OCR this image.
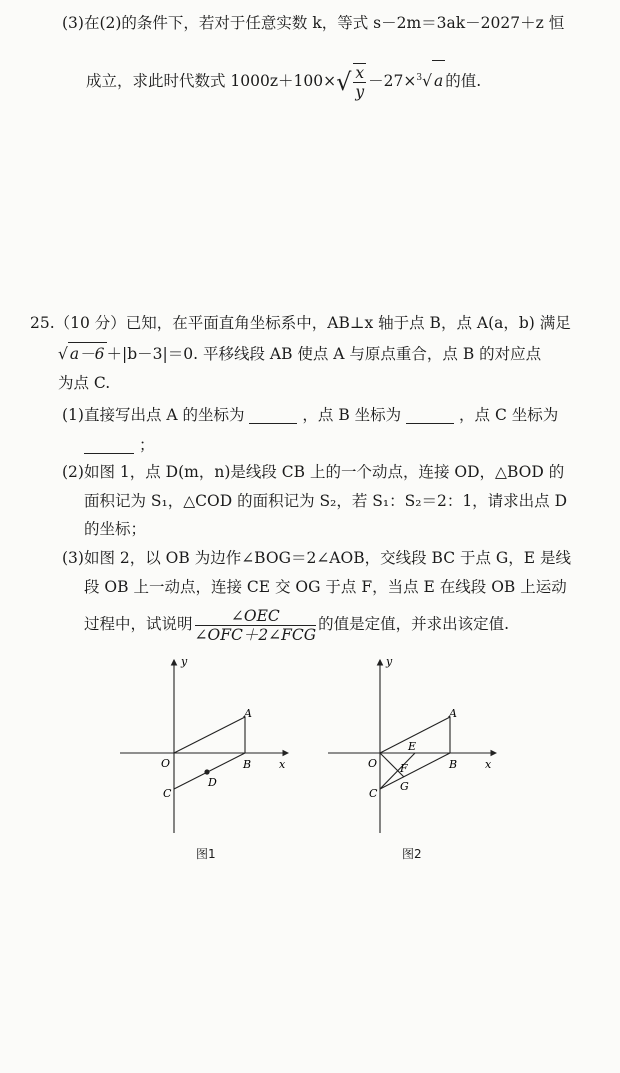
(3)在(2)的条件下，若对于任意实数 k，等式 s－2m＝3ak－2027＋z 恒
成立，求此时代数式 $1000z+100\times√ \frac{x}{y} -27\times^3√$ a 的值.
25.（10 分）已知，在平面直角坐标系中，AB⊥x 轴于点 B，点 A(a，b) 满足
√ a－6 ＋|b－3|＝0. 平移线段 AB 使点 A 与原点重合，点 B 的对应点
为点 C.
(1)直接写出点 A 的坐标为	，点 B 坐标为	，点 C 坐标为
；
(2)如图 1，点 D(m，n)是线段 CB 上的一个动点，连接 OD，△BOD 的
面积记为 S₁，△COD 的面积记为 S₂，若 S₁：S₂＝2：1，请求出点 D
的坐标；
(3)如图 2，以 OB 为边作∠BOG＝2∠AOB，交线段 BC 于点 G，E 是线
段 OB 上一动点，连接 CE 交 OG 于点 F，当点 E 在线段 OB 上运动
过程中，试说明 $\frac{\text{∠OEC}}{\text{∠OFC＋2∠FCG}}$ 的值是定值，并求出该定值.
y
x
O
A
B
C
D
图1
y
x
O
A
B
C
E
F
G
图2
